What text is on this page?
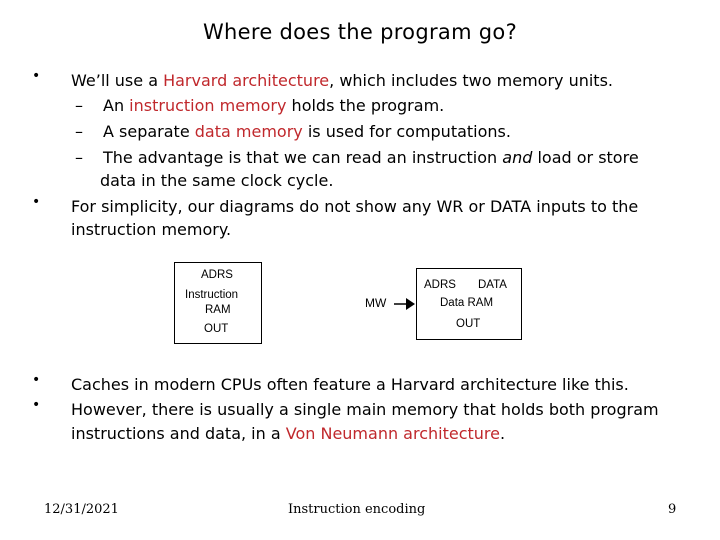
Where does the program go?
• We’ll use a Harvard architecture, which includes two memory units.
– An instruction memory holds the program.
– A separate data memory is used for computations.
– The advantage is that we can read an instruction and load or store
data in the same clock cycle.
• For simplicity, our diagrams do not show any WR or DATA inputs to the
instruction memory.
ADRS
Instruction
RAM
OUT
MW
ADRS DATA
Data RAM
OUT
• Caches in modern CPUs often feature a Harvard architecture like this.
• However, there is usually a single main memory that holds both program
instructions and data, in a Von Neumann architecture.
12/31/2021	Instruction encoding	9
